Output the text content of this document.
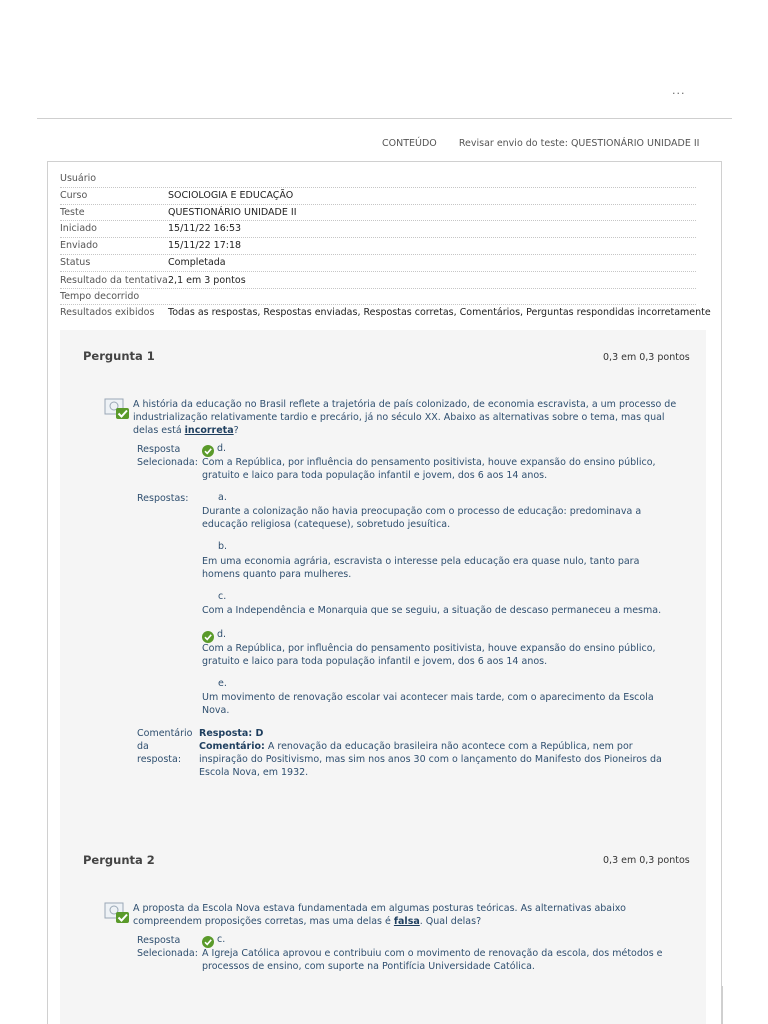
...
CONTEÚDO Revisar envio do teste: QUESTIONÁRIO UNIDADE II
Usuário
Curso	SOCIOLOGIA E EDUCAÇÃO
Teste	QUESTIONÁRIO UNIDADE II
Iniciado	15/11/22 16:53
Enviado	15/11/22 17:18
Status	Completada
Resultado da tentativa 2,1 em 3 pontos
Tempo decorrido
Resultados exibidos Todas as respostas, Respostas enviadas, Respostas corretas, Comentários, Perguntas respondidas incorretamente
Pergunta 1	0,3 em 0,3 pontos
A história da educação no Brasil reflete a trajetória de país colonizado, de economia escravista, a um processo de
industrialização relativamente tardio e precário, já no século XX. Abaixo as alternativas sobre o tema, mas qual
delas está incorreta?
Resposta
Selecionada:
d.
Com a República, por influência do pensamento positivista, houve expansão do ensino público,
gratuito e laico para toda população infantil e jovem, dos 6 aos 14 anos.
Respostas:	a.
Durante a colonização não havia preocupação com o processo de educação: predominava a
educação religiosa (catequese), sobretudo jesuítica.
b.
Em uma economia agrária, escravista o interesse pela educação era quase nulo, tanto para
homens quanto para mulheres.
c.
Com a Independência e Monarquia que se seguiu, a situação de descaso permaneceu a mesma.
d.
Com a República, por influência do pensamento positivista, houve expansão do ensino público,
gratuito e laico para toda população infantil e jovem, dos 6 aos 14 anos.
e.
Um movimento de renovação escolar vai acontecer mais tarde, com o aparecimento da Escola
Nova.
Comentário
da
resposta:
Resposta: D
Comentário: A renovação da educação brasileira não acontece com a República, nem por
inspiração do Positivismo, mas sim nos anos 30 com o lançamento do Manifesto dos Pioneiros da
Escola Nova, em 1932.
Pergunta 2	0,3 em 0,3 pontos
A proposta da Escola Nova estava fundamentada em algumas posturas teóricas. As alternativas abaixo
compreendem proposições corretas, mas uma delas é falsa. Qual delas?
Resposta
Selecionada:
c.
A Igreja Católica aprovou e contribuiu com o movimento de renovação da escola, dos métodos e
processos de ensino, com suporte na Pontifícia Universidade Católica.
